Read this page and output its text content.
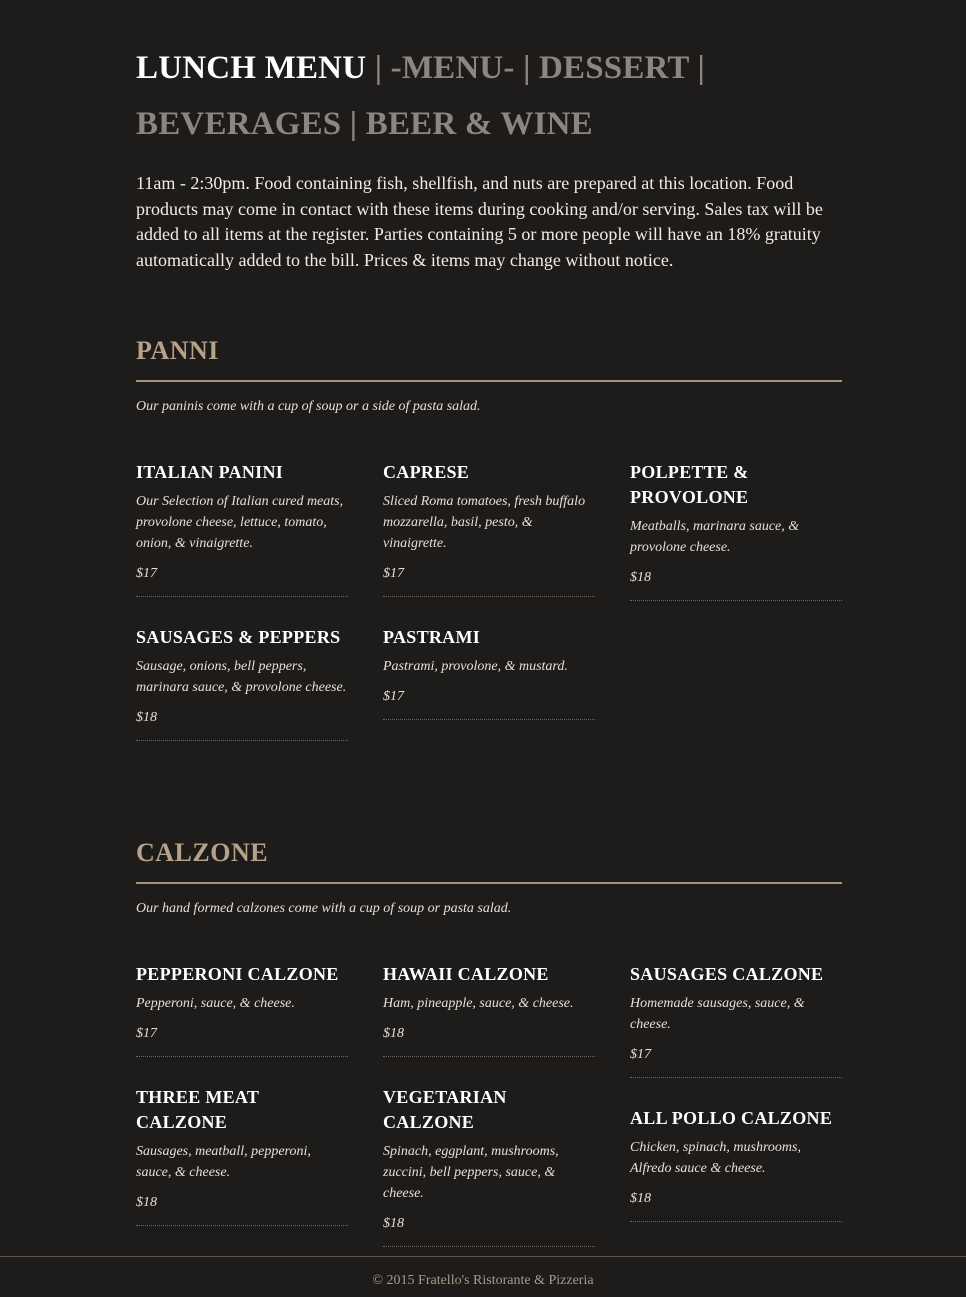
LUNCH MENU | -MENU- | DESSERT | BEVERAGES | BEER & WINE
11am - 2:30pm. Food containing fish, shellfish, and nuts are prepared at this location. Food products may come in contact with these items during cooking and/or serving. Sales tax will be added to all items at the register. Parties containing 5 or more people will have an 18% gratuity automatically added to the bill. Prices & items may change without notice.
PANNI
Our paninis come with a cup of soup or a side of pasta salad.
ITALIAN PANINI
Our Selection of Italian cured meats, provolone cheese, lettuce, tomato, onion, & vinaigrette.
$17
SAUSAGES & PEPPERS
Sausage, onions, bell peppers, marinara sauce, & provolone cheese.
$18
CAPRESE
Sliced Roma tomatoes, fresh buffalo mozzarella, basil, pesto, & vinaigrette.
$17
PASTRAMI
Pastrami, provolone, & mustard.
$17
POLPETTE & PROVOLONE
Meatballs, marinara sauce, & provolone cheese.
$18
CALZONE
Our hand formed calzones come with a cup of soup or pasta salad.
PEPPERONI CALZONE
Pepperoni, sauce, & cheese.
$17
THREE MEAT CALZONE
Sausages, meatball, pepperoni, sauce, & cheese.
$18
HAWAII CALZONE
Ham, pineapple, sauce, & cheese.
$18
VEGETARIAN CALZONE
Spinach, eggplant, mushrooms, zuccini, bell peppers, sauce, & cheese.
$18
SAUSAGES CALZONE
Homemade sausages, sauce, & cheese.
$17
ALL POLLO CALZONE
Chicken, spinach, mushrooms, Alfredo sauce & cheese.
$18
© 2015 Fratello's Ristorante & Pizzeria
